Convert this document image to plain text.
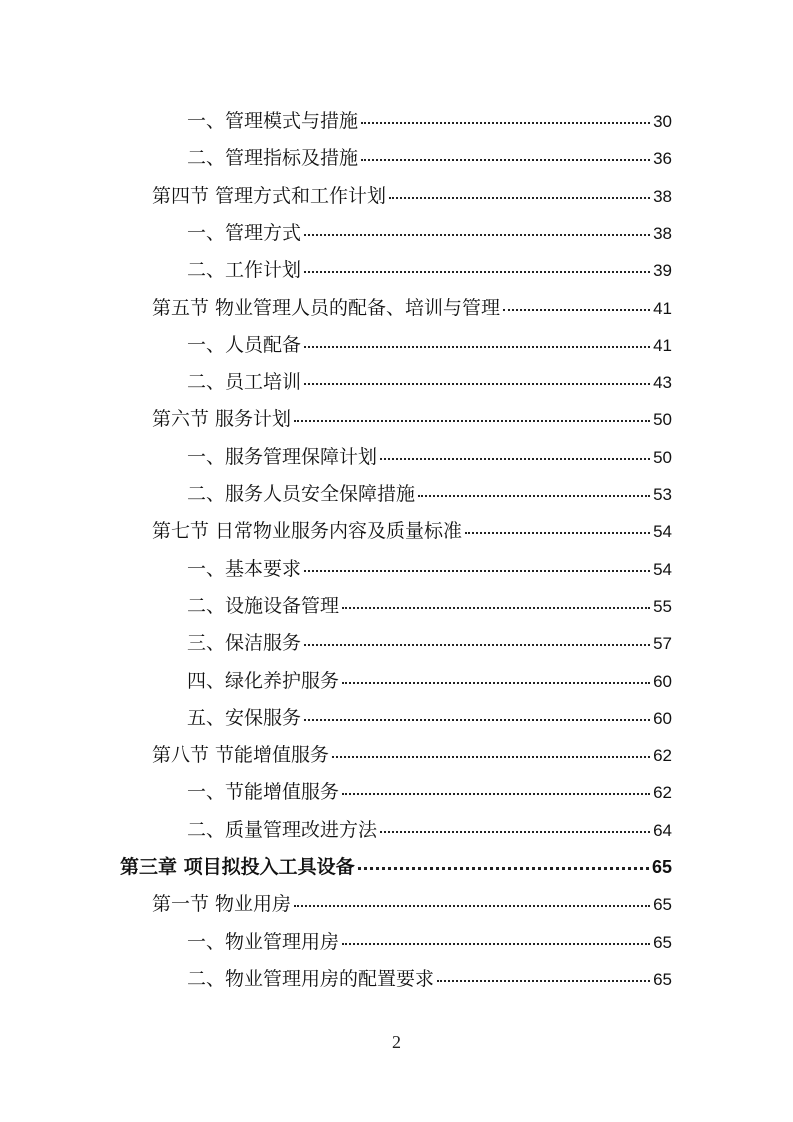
一、管理模式与措施	30
二、管理指标及措施	36
第四节 管理方式和工作计划	38
一、管理方式	38
二、工作计划	39
第五节 物业管理人员的配备、培训与管理	41
一、人员配备	41
二、员工培训	43
第六节 服务计划	50
一、服务管理保障计划	50
二、服务人员安全保障措施	53
第七节 日常物业服务内容及质量标准	54
一、基本要求	54
二、设施设备管理	55
三、保洁服务	57
四、绿化养护服务	60
五、安保服务	60
第八节 节能增值服务	62
一、节能增值服务	62
二、质量管理改进方法	64
第三章 项目拟投入工具设备	65
第一节 物业用房	65
一、物业管理用房	65
二、物业管理用房的配置要求	65
2
